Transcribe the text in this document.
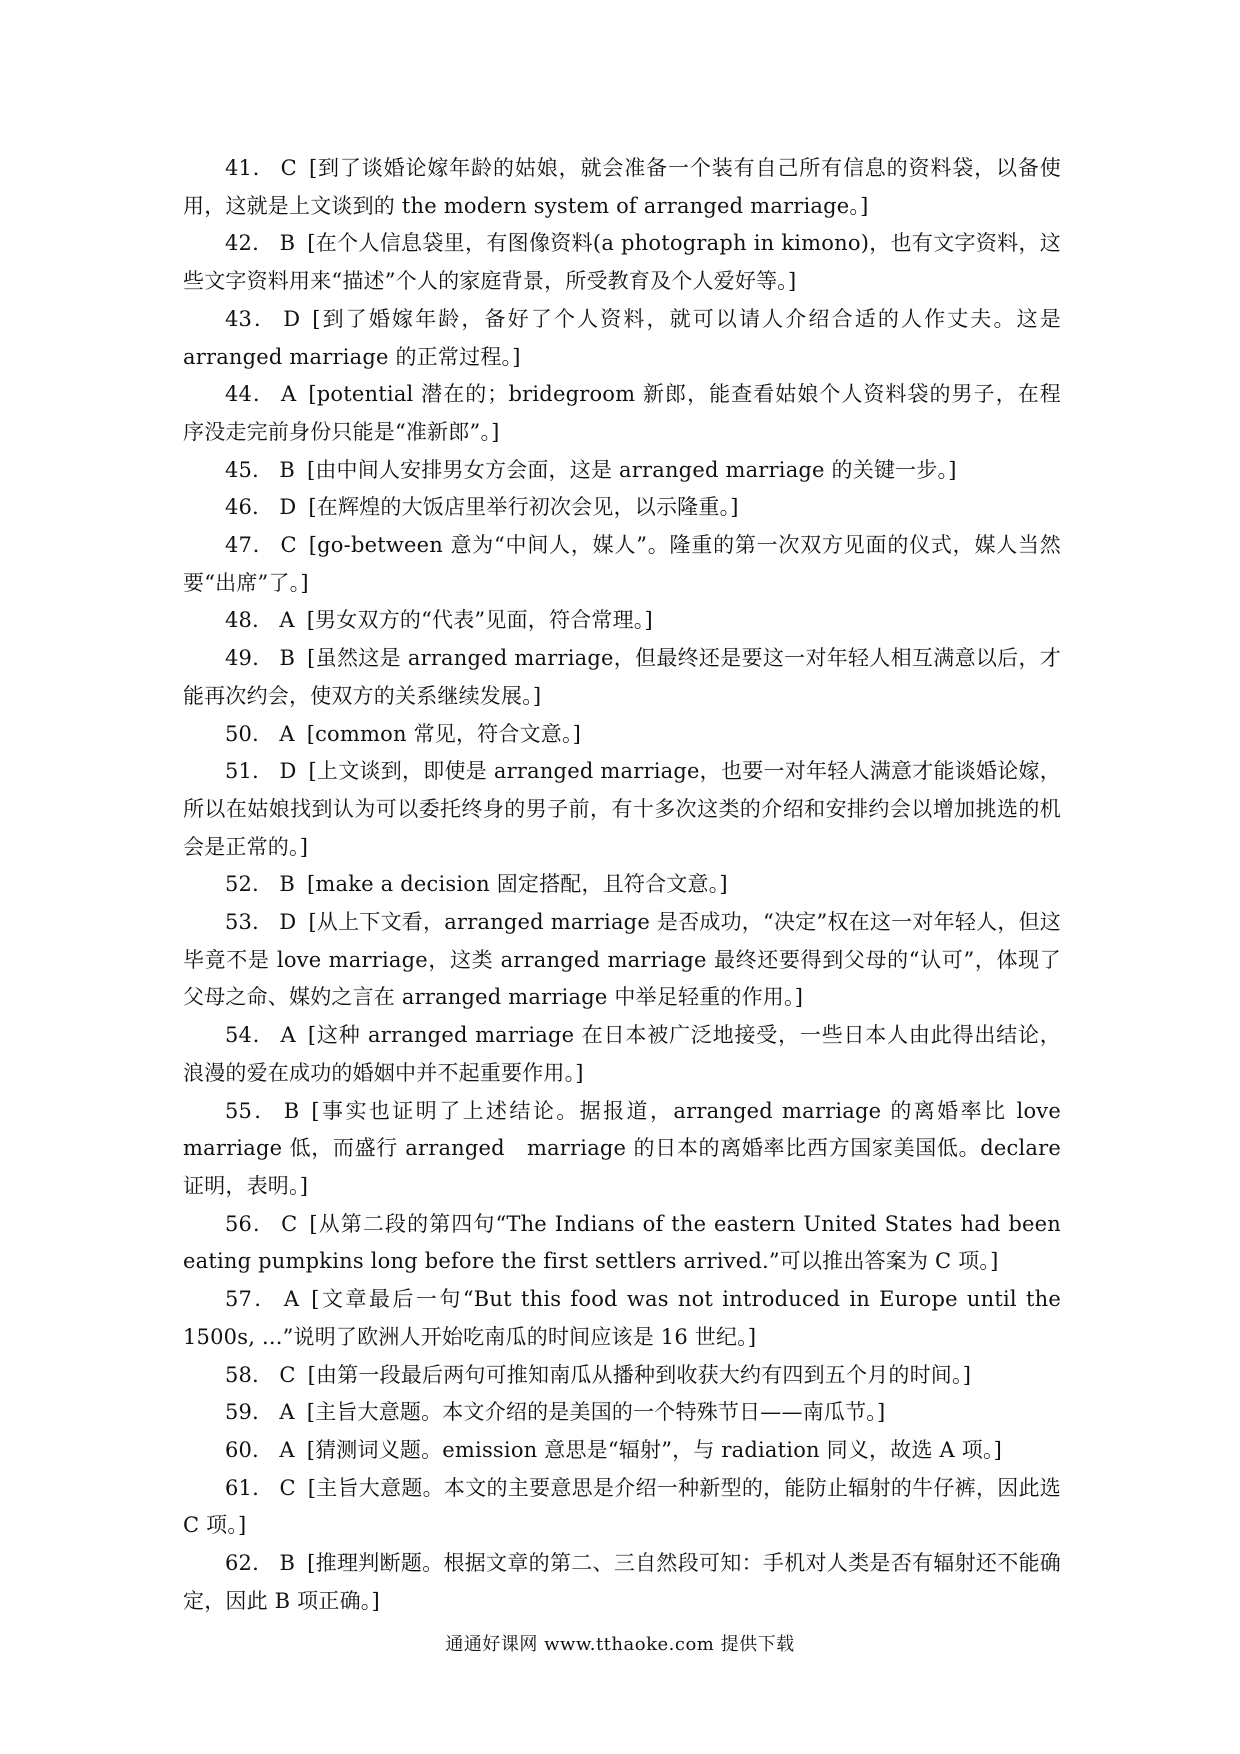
41． C [到了谈婚论嫁年龄的姑娘，就会准备一个装有自己所有信息的资料袋，以备使用，这就是上文谈到的 the modern system of arranged marriage。]

42． B [在个人信息袋里，有图像资料(a photograph in kimono)，也有文字资料，这些文字资料用来“描述”个人的家庭背景，所受教育及个人爱好等。]

43． D [到了婚嫁年龄，备好了个人资料，就可以请人介绍合适的人作丈夫。这是 arranged marriage 的正常过程。]

44． A [potential 潜在的；bridegroom 新郎，能查看姑娘个人资料袋的男子，在程序没走完前身份只能是“准新郎”。]

45． B [由中间人安排男女方会面，这是 arranged marriage 的关键一步。]

46． D [在辉煌的大饭店里举行初次会见，以示隆重。]

47． C [go-between 意为“中间人，媒人”。隆重的第一次双方见面的仪式，媒人当然要“出席”了。]

48． A [男女双方的“代表”见面，符合常理。]

49． B [虽然这是 arranged marriage，但最终还是要这一对年轻人相互满意以后，才能再次约会，使双方的关系继续发展。]

50． A [common 常见，符合文意。]

51． D [上文谈到，即使是 arranged marriage，也要一对年轻人满意才能谈婚论嫁，所以在姑娘找到认为可以委托终身的男子前，有十多次这类的介绍和安排约会以增加挑选的机会是正常的。]

52． B [make a decision 固定搭配，且符合文意。]

53． D [从上下文看，arranged marriage 是否成功，“决定”权在这一对年轻人，但这毕竟不是 love marriage，这类 arranged marriage 最终还要得到父母的“认可”，体现了父母之命、媒妁之言在 arranged marriage 中举足轻重的作用。]

54． A [这种 arranged marriage 在日本被广泛地接受，一些日本人由此得出结论，浪漫的爱在成功的婚姻中并不起重要作用。]

55． B [事实也证明了上述结论。据报道，arranged marriage 的离婚率比 love marriage 低，而盛行 arranged　marriage 的日本的离婚率比西方国家美国低。declare 证明，表明。]

56． C [从第二段的第四句“The Indians of the eastern United States had been eating pumpkins long before the first settlers arrived.”可以推出答案为 C 项。]

57． A [文章最后一句“But this food was not introduced in Europe until the 1500s, ...”说明了欧洲人开始吃南瓜的时间应该是 16 世纪。]

58． C [由第一段最后两句可推知南瓜从播种到收获大约有四到五个月的时间。]

59． A [主旨大意题。本文介绍的是美国的一个特殊节日——南瓜节。]

60． A [猜测词义题。emission 意思是“辐射”，与 radiation 同义，故选 A 项。]

61． C [主旨大意题。本文的主要意思是介绍一种新型的，能防止辐射的牛仔裤，因此选 C 项。]

62． B [推理判断题。根据文章的第二、三自然段可知：手机对人类是否有辐射还不能确定，因此 B 项正确。]

通通好课网 www.tthaoke.com 提供下载
